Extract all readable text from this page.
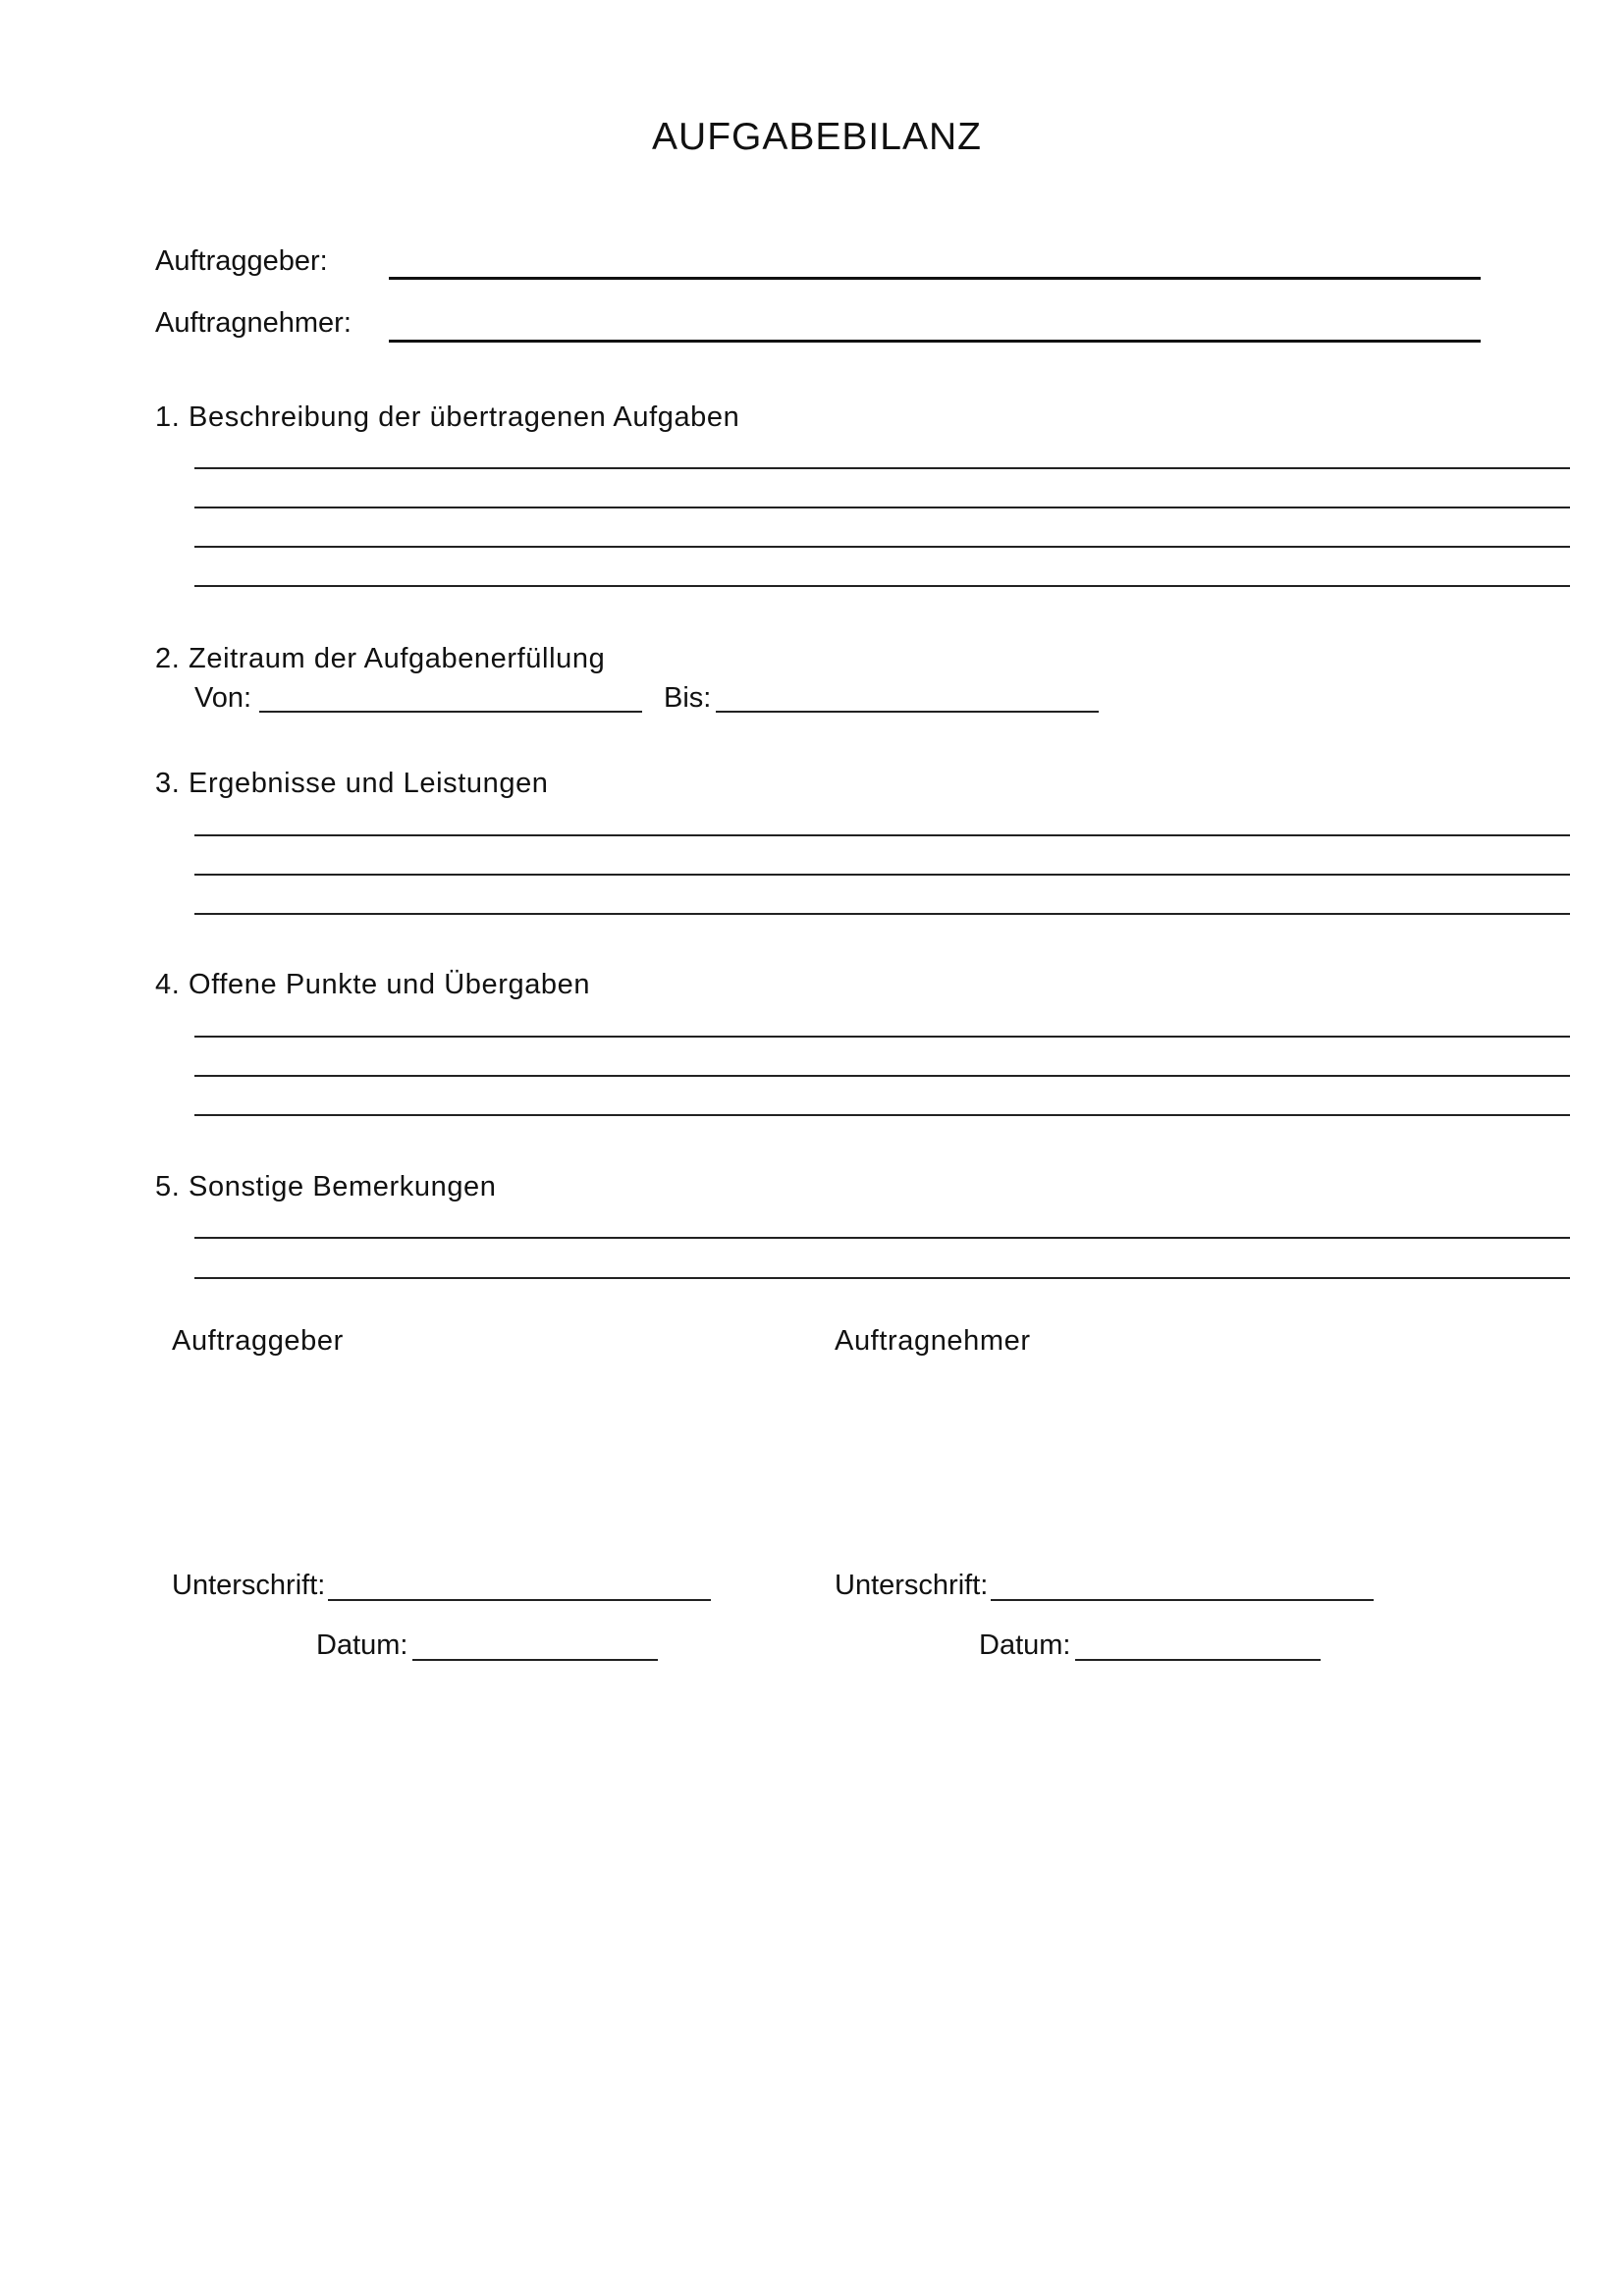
AUFGABEBILANZ
Auftraggeber:
Auftragnehmer:
1. Beschreibung der übertragenen Aufgaben
2. Zeitraum der Aufgabenerfüllung
Von:	Bis:
3. Ergebnisse und Leistungen
4. Offene Punkte und Übergaben
5. Sonstige Bemerkungen
Auftraggeber	Auftragnehmer
Unterschrift:	Unterschrift:
Datum:	Datum:
